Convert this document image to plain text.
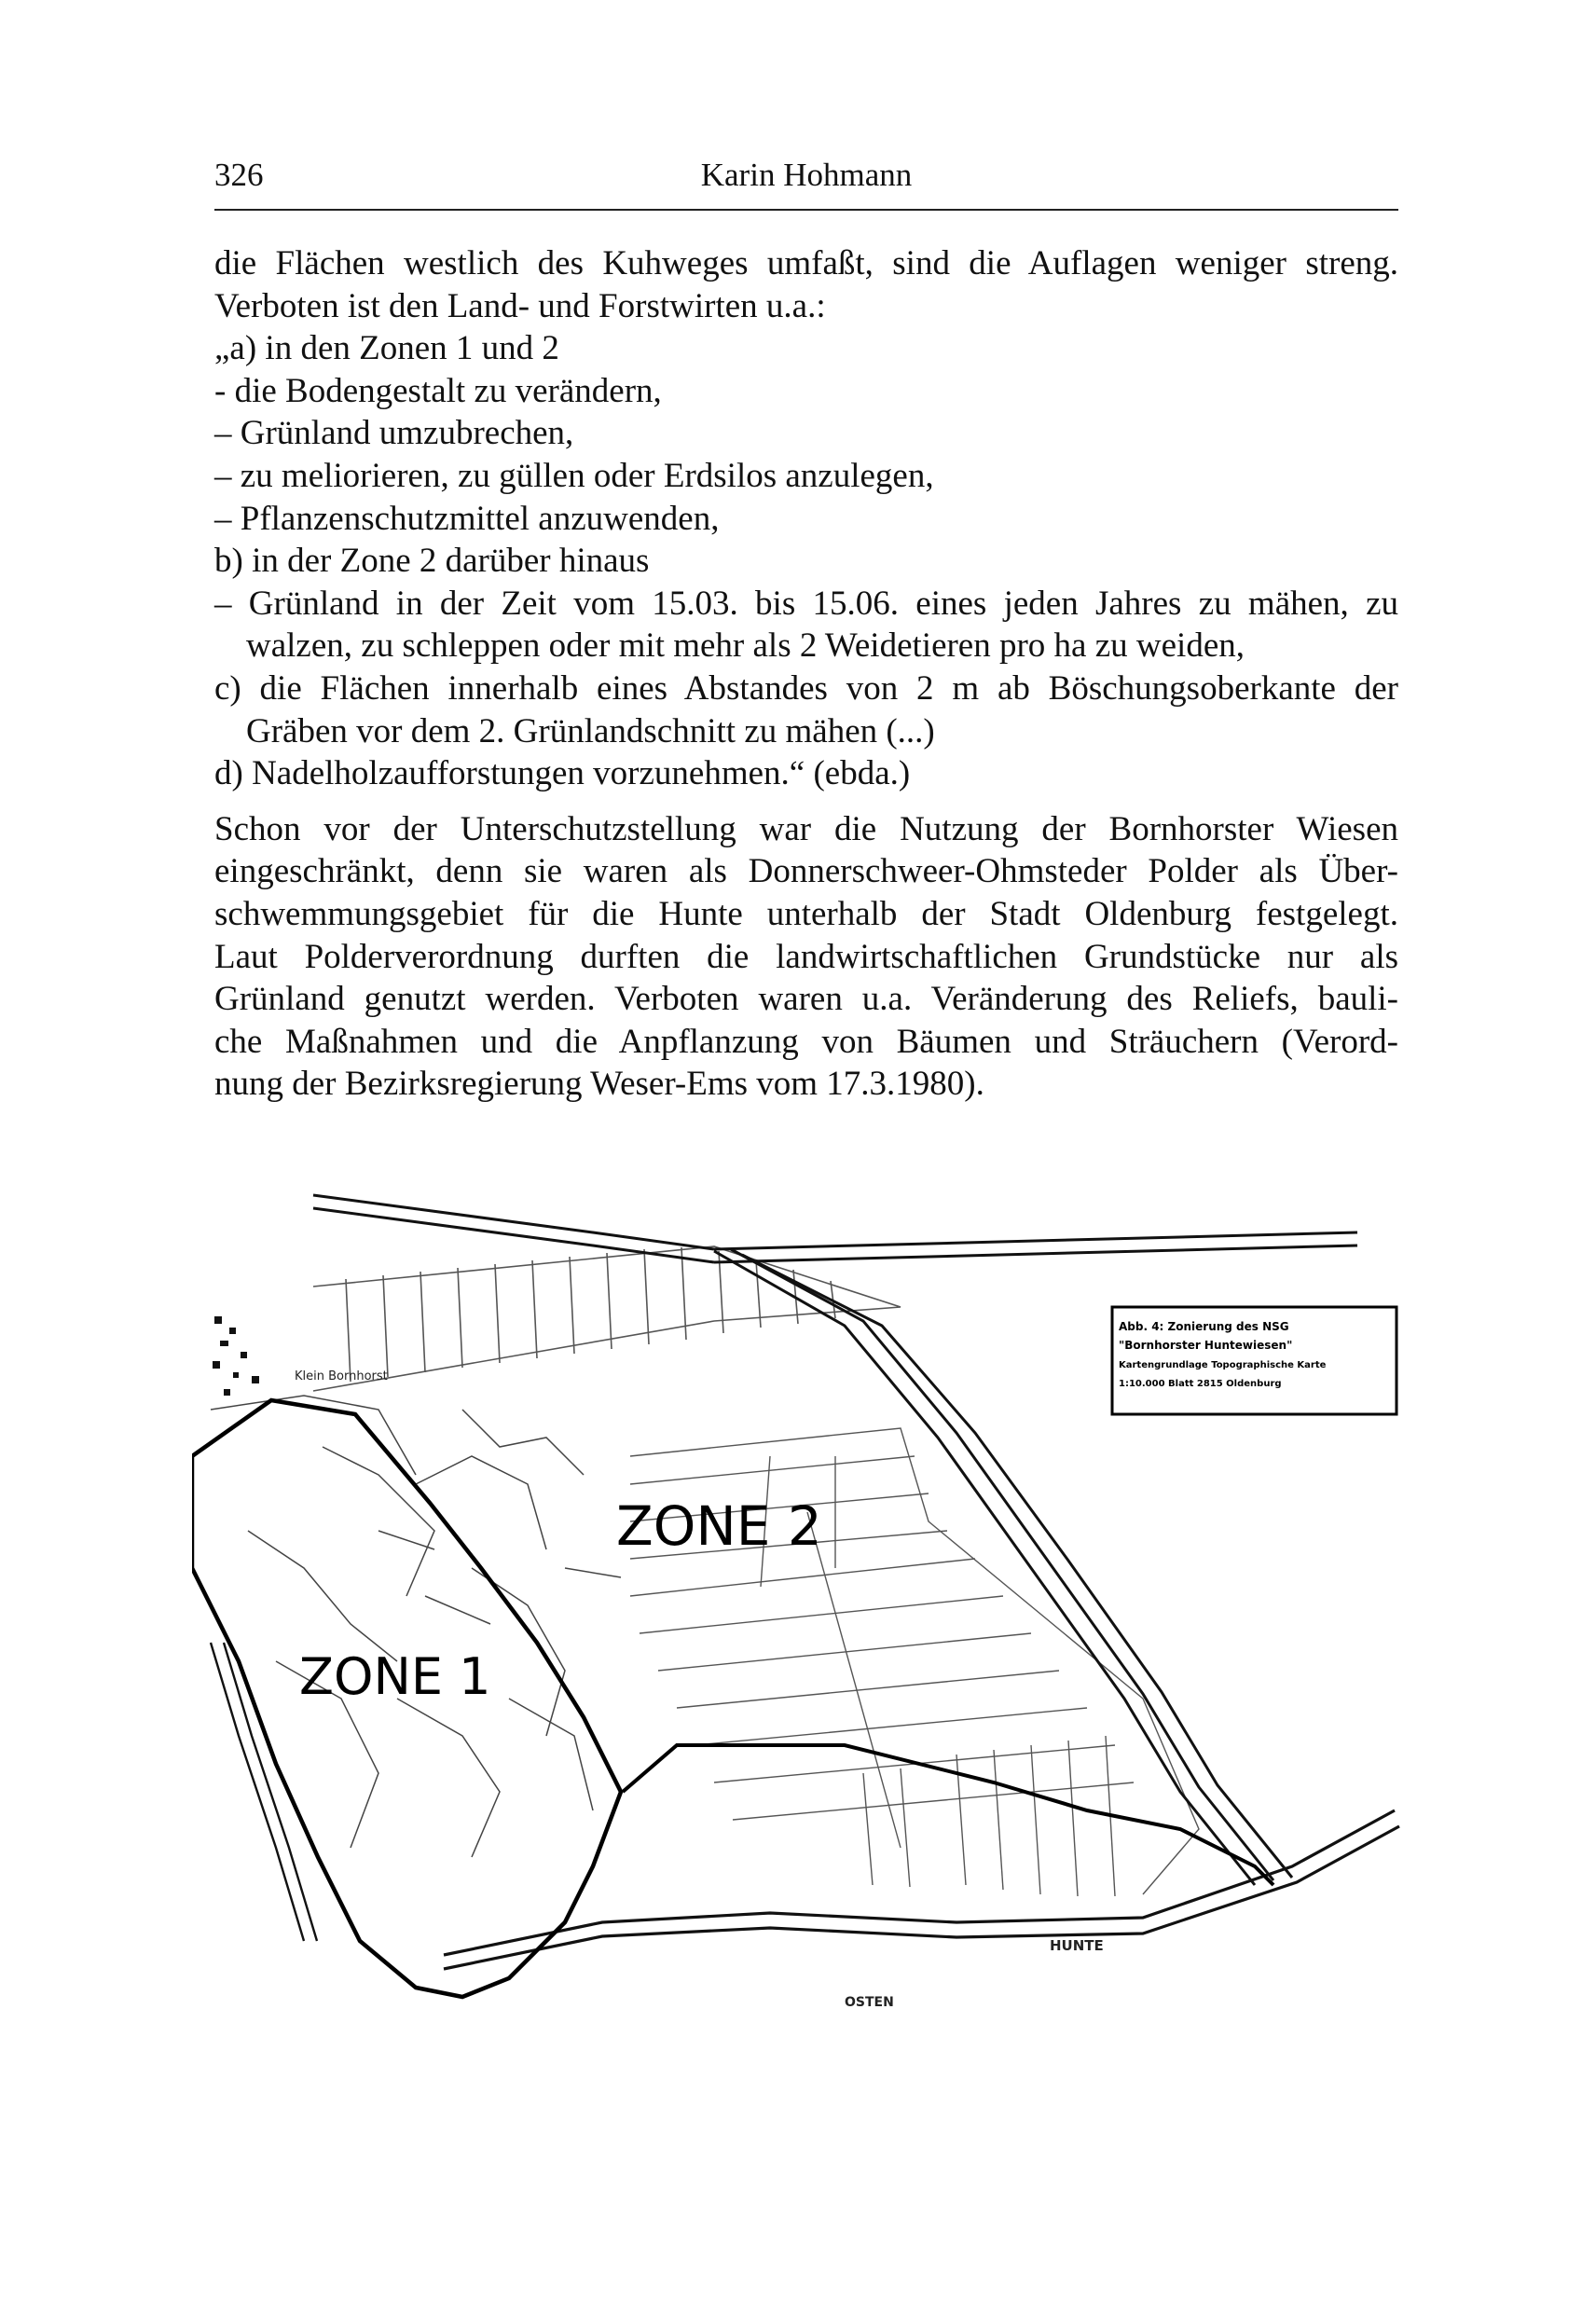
326	Karin Hohmann
die Flächen westlich des Kuhweges umfaßt, sind die Auflagen weniger streng.
Verboten ist den Land- und Forstwirten u.a.:
„a) in den Zonen 1 und 2
- die Bodengestalt zu verändern,
– Grünland umzubrechen,
– zu meliorieren, zu güllen oder Erdsilos anzulegen,
– Pflanzenschutzmittel anzuwenden,
b) in der Zone 2 darüber hinaus
– Grünland in der Zeit vom 15.03. bis 15.06. eines jeden Jahres zu mähen, zu
walzen, zu schleppen oder mit mehr als 2 Weidetieren pro ha zu weiden,
c) die Flächen innerhalb eines Abstandes von 2 m ab Böschungsoberkante der
Gräben vor dem 2. Grünlandschnitt zu mähen (...)
d) Nadelholzaufforstungen vorzunehmen.“ (ebda.)
Schon vor der Unterschutzstellung war die Nutzung der Bornhorster Wiesen
eingeschränkt, denn sie waren als Donnerschweer-Ohmsteder Polder als Über-
schwemmungsgebiet für die Hunte unterhalb der Stadt Oldenburg festgelegt.
Laut Polderverordnung durften die landwirtschaftlichen Grundstücke nur als
Grünland genutzt werden. Verboten waren u.a. Veränderung des Reliefs, bauli-
che Maßnahmen und die Anpflanzung von Bäumen und Sträuchern (Verord-
nung der Bezirksregierung Weser-Ems vom 17.3.1980).
Klein Bornhorst
HUNTE
OSTEN
ZONE 2
ZONE 1
Abb. 4: Zonierung des NSG
"Bornhorster Huntewiesen"
Kartengrundlage Topographische Karte
1:10.000 Blatt 2815 Oldenburg
